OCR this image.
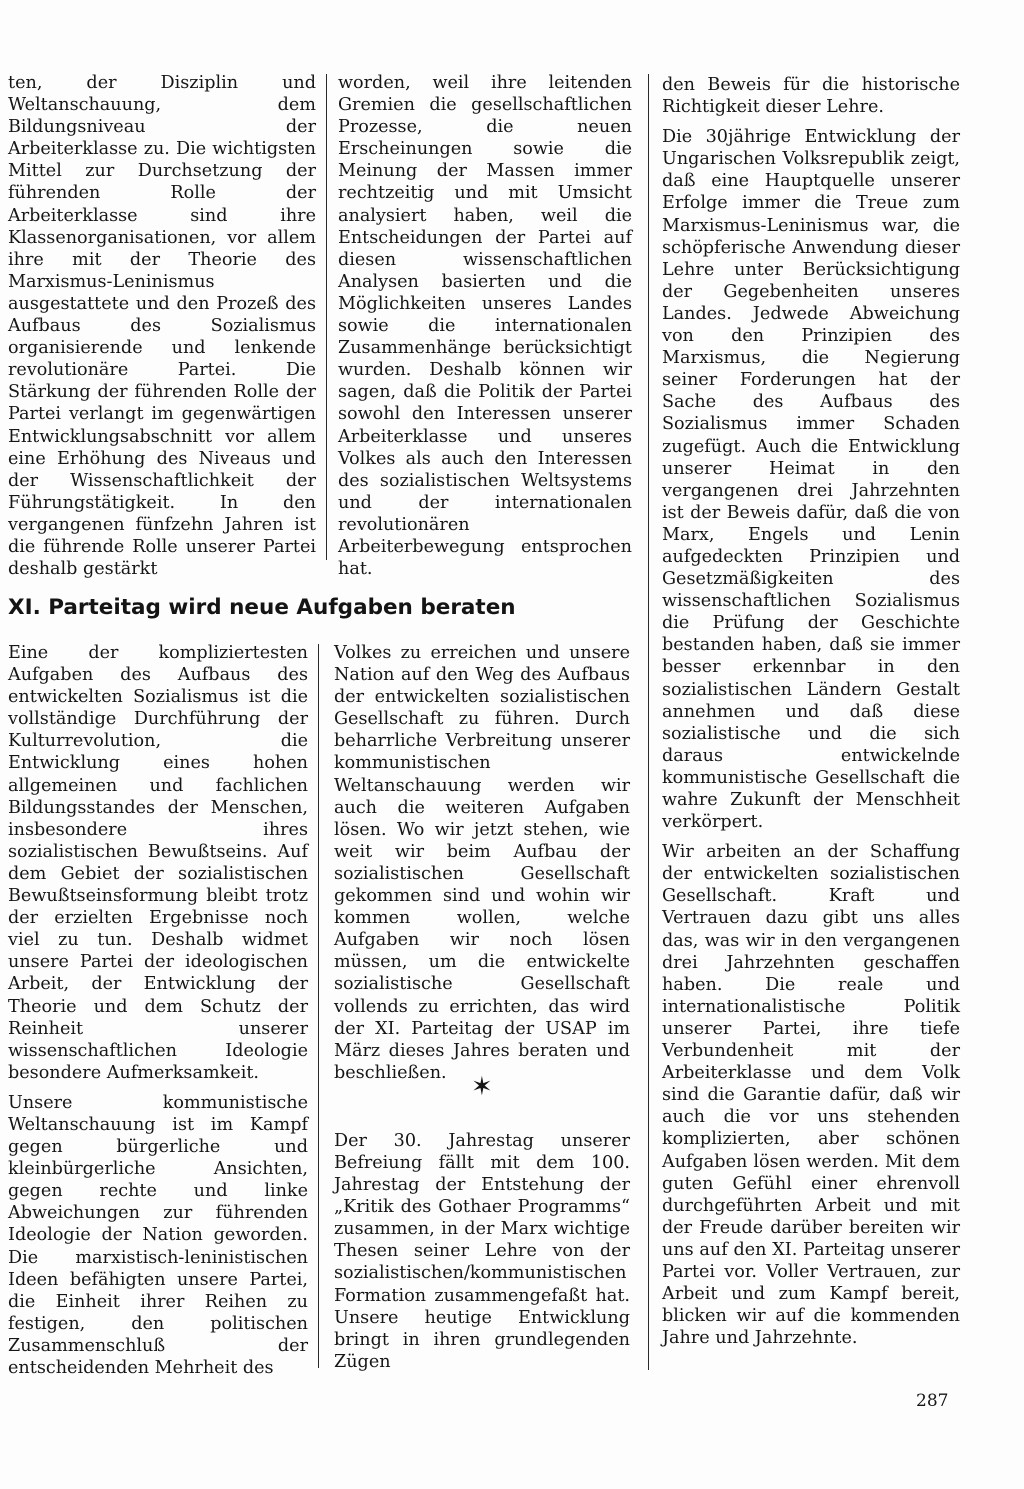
ten, der Disziplin und Weltanschauung, dem Bildungsniveau der Arbeiterklasse zu. Die wichtigsten Mittel zur Durchsetzung der führenden Rolle der Arbeiterklasse sind ihre Klassenorganisationen, vor allem ihre mit der Theorie des Marxismus-Leninismus ausgestattete und den Prozeß des Aufbaus des Sozialismus organisierende und lenkende revolutionäre Partei. Die Stärkung der führenden Rolle der Partei verlangt im gegenwärtigen Entwicklungsabschnitt vor allem eine Erhöhung des Niveaus und der Wissenschaftlichkeit der Führungstätigkeit. In den vergangenen fünfzehn Jahren ist die führende Rolle unserer Partei deshalb gestärkt

worden, weil ihre leitenden Gremien die gesellschaftlichen Prozesse, die neuen Erscheinungen sowie die Meinung der Massen immer rechtzeitig und mit Umsicht analysiert haben, weil die Entscheidungen der Partei auf diesen wissenschaftlichen Analysen basierten und die Möglichkeiten unseres Landes sowie die internationalen Zusammenhänge berücksichtigt wurden. Deshalb können wir sagen, daß die Politik der Partei sowohl den Interessen unserer Arbeiterklasse und unseres Volkes als auch den Interessen des sozialistischen Weltsystems und der internationalen revolutionären Arbeiterbewegung entsprochen hat.

XI. Parteitag wird neue Aufgaben beraten

Eine der kompliziertesten Aufgaben des Aufbaus des entwickelten Sozialismus ist die vollständige Durchführung der Kulturrevolution, die Entwicklung eines hohen allgemeinen und fachlichen Bildungsstandes der Menschen, insbesondere ihres sozialistischen Bewußtseins. Auf dem Gebiet der sozialistischen Bewußtseinsformung bleibt trotz der erzielten Ergebnisse noch viel zu tun. Deshalb widmet unsere Partei der ideologischen Arbeit, der Entwicklung der Theorie und dem Schutz der Reinheit unserer wissenschaftlichen Ideologie besondere Aufmerksamkeit.

Unsere kommunistische Weltanschauung ist im Kampf gegen bürgerliche und kleinbürgerliche Ansichten, gegen rechte und linke Abweichungen zur führenden Ideologie der Nation geworden. Die marxistisch-leninistischen Ideen befähigten unsere Partei, die Einheit ihrer Reihen zu festigen, den politischen Zusammenschluß der entscheidenden Mehrheit des

Volkes zu erreichen und unsere Nation auf den Weg des Aufbaus der entwickelten sozialistischen Gesellschaft zu führen. Durch beharrliche Verbreitung unserer kommunistischen Weltanschauung werden wir auch die weiteren Aufgaben lösen. Wo wir jetzt stehen, wie weit wir beim Aufbau der sozialistischen Gesellschaft gekommen sind und wohin wir kommen wollen, welche Aufgaben wir noch lösen müssen, um die entwickelte sozialistische Gesellschaft vollends zu errichten, das wird der XI. Parteitag der USAP im März dieses Jahres beraten und beschließen.

Der 30. Jahrestag unserer Befreiung fällt mit dem 100. Jahrestag der Entstehung der „Kritik des Gothaer Programms“ zusammen, in der Marx wichtige Thesen seiner Lehre von der sozialistischen/kommunistischen Formation zusammengefaßt hat. Unsere heutige Entwicklung bringt in ihren grundlegenden Zügen

✶

den Beweis für die historische Richtigkeit dieser Lehre.

Die 30jährige Entwicklung der Ungarischen Volksrepublik zeigt, daß eine Hauptquelle unserer Erfolge immer die Treue zum Marxismus-Leninismus war, die schöpferische Anwendung dieser Lehre unter Berücksichtigung der Gegebenheiten unseres Landes. Jedwede Abweichung von den Prinzipien des Marxismus, die Negierung seiner Forderungen hat der Sache des Aufbaus des Sozialismus immer Schaden zugefügt. Auch die Entwicklung unserer Heimat in den vergangenen drei Jahrzehnten ist der Beweis dafür, daß die von Marx, Engels und Lenin aufgedeckten Prinzipien und Gesetzmäßigkeiten des wissenschaftlichen Sozialismus die Prüfung der Geschichte bestanden haben, daß sie immer besser erkennbar in den sozialistischen Ländern Gestalt annehmen und daß diese sozialistische und die sich daraus entwickelnde kommunistische Gesellschaft die wahre Zukunft der Menschheit verkörpert.

Wir arbeiten an der Schaffung der entwickelten sozialistischen Gesellschaft. Kraft und Vertrauen dazu gibt uns alles das, was wir in den vergangenen drei Jahrzehnten geschaffen haben. Die reale und internationalistische Politik unserer Partei, ihre tiefe Verbundenheit mit der Arbeiterklasse und dem Volk sind die Garantie dafür, daß wir auch die vor uns stehenden komplizierten, aber schönen Aufgaben lösen werden. Mit dem guten Gefühl einer ehrenvoll durchgeführten Arbeit und mit der Freude darüber bereiten wir uns auf den XI. Parteitag unserer Partei vor. Voller Vertrauen, zur Arbeit und zum Kampf bereit, blicken wir auf die kommenden Jahre und Jahrzehnte.

287
